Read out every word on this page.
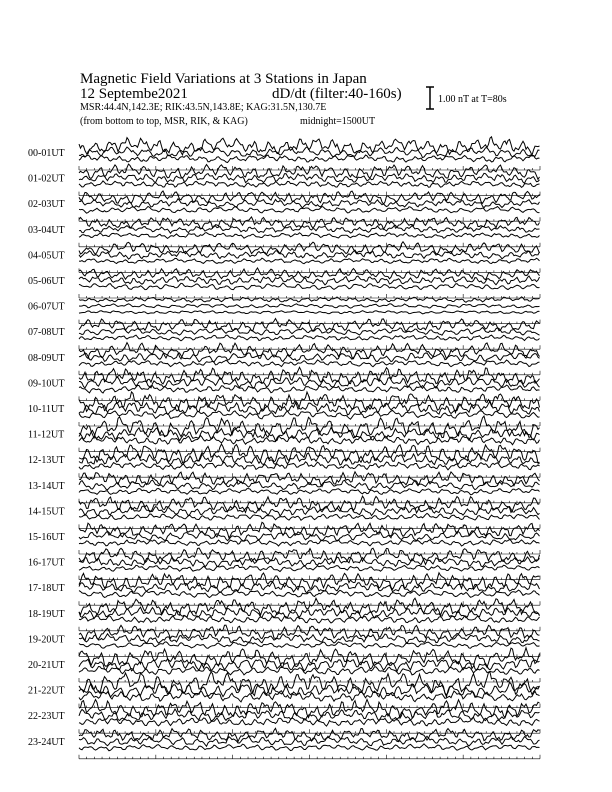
Magnetic Field Variations at 3 Stations in Japan
12 Septembe2021	dD/dt (filter:40-160s)
MSR:44.4N,142.3E; RIK:43.5N,143.8E; KAG:31.5N,130.7E
(from bottom to top, MSR, RIK, & KAG)	midnight=1500UT
1.00 nT at T=80s
00-01UT
01-02UT
02-03UT
03-04UT
04-05UT
05-06UT
06-07UT
07-08UT
08-09UT
09-10UT
10-11UT
11-12UT
12-13UT
13-14UT
14-15UT
15-16UT
16-17UT
17-18UT
18-19UT
19-20UT
20-21UT
21-22UT
22-23UT
23-24UT
